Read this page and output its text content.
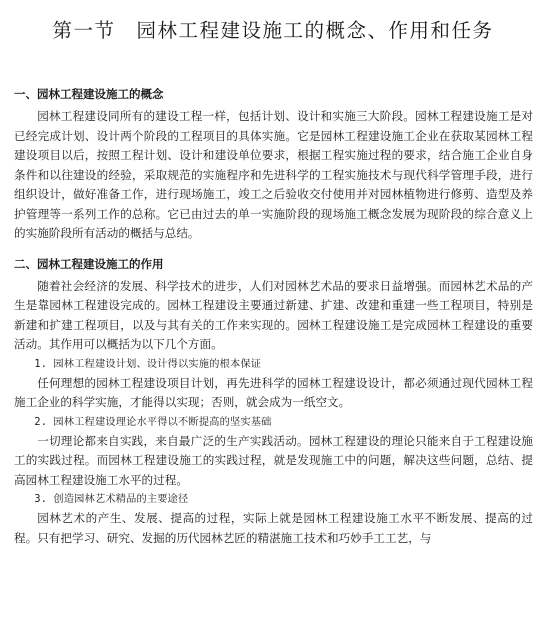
第一节　园林工程建设施工的概念、作用和任务
一、园林工程建设施工的概念

园林工程建设同所有的建设工程一样，包括计划、设计和实施三大阶段。园林工程建设施工是对已经完成计划、设计两个阶段的工程项目的具体实施。它是园林工程建设施工企业在获取某园林工程建设项目以后，按照工程计划、设计和建设单位要求，根据工程实施过程的要求，结合施工企业自身条件和以往建设的经验，采取规范的实施程序和先进科学的工程实施技术与现代科学管理手段，进行组织设计，做好准备工作，进行现场施工，竣工之后验收交付使用并对园林植物进行修剪、造型及养护管理等一系列工作的总称。它已由过去的单一实施阶段的现场施工概念发展为现阶段的综合意义上的实施阶段所有活动的概括与总结。

二、园林工程建设施工的作用

随着社会经济的发展、科学技术的进步，人们对园林艺术品的要求日益增强。而园林艺术品的产生是靠园林工程建设完成的。园林工程建设主要通过新建、扩建、改建和重建一些工程项目，特别是新建和扩建工程项目，以及与其有关的工作来实现的。园林工程建设施工是完成园林工程建设的重要活动。其作用可以概括为以下几个方面。

1. 园林工程建设计划、设计得以实施的根本保证

任何理想的园林工程建设项目计划，再先进科学的园林工程建设设计，都必须通过现代园林工程施工企业的科学实施，才能得以实现；否则，就会成为一纸空文。

2. 园林工程建设理论水平得以不断提高的坚实基础

一切理论都来自实践，来自最广泛的生产实践活动。园林工程建设的理论只能来自于工程建设施工的实践过程。而园林工程建设施工的实践过程，就是发现施工中的问题，解决这些问题，总结、提高园林工程建设施工水平的过程。

3. 创造园林艺术精品的主要途径

园林艺术的产生、发展、提高的过程，实际上就是园林工程建设施工水平不断发展、提高的过程。只有把学习、研究、发掘的历代园林艺匠的精湛施工技术和巧妙手工工艺，与
